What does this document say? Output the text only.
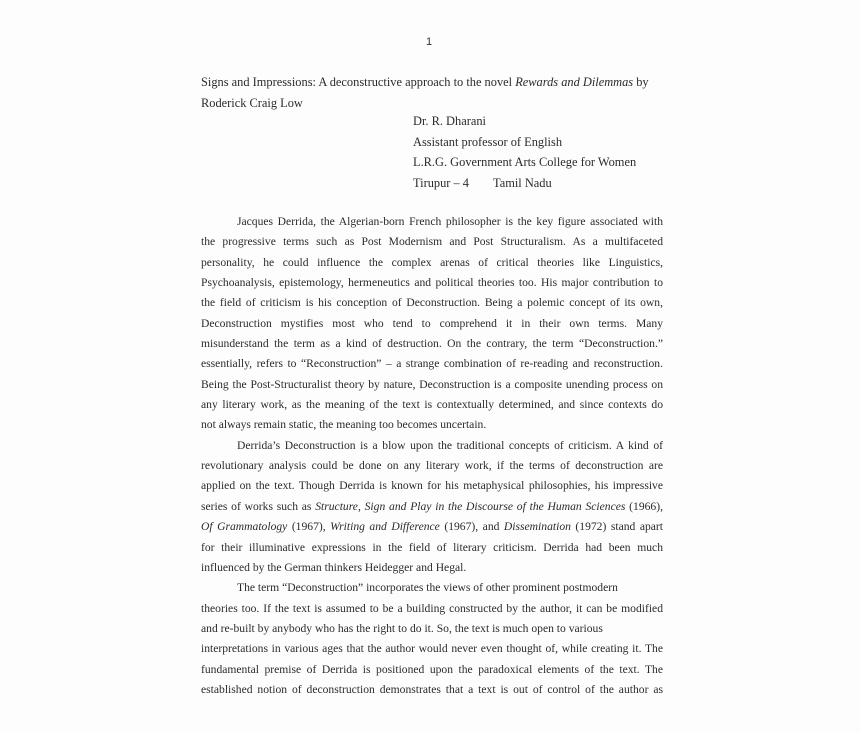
1
Signs and Impressions: A deconstructive approach to the novel Rewards and Dilemmas by
Roderick Craig Low
Dr. R. Dharani
Assistant professor of English
L.R.G. Government Arts College for Women
Tirupur – 4 Tamil Nadu
Jacques Derrida, the Algerian-born French philosopher is the key figure associated with
the progressive terms such as Post Modernism and Post Structuralism. As a multifaceted
personality, he could influence the complex arenas of critical theories like Linguistics,
Psychoanalysis, epistemology, hermeneutics and political theories too. His major contribution to
the field of criticism is his conception of Deconstruction. Being a polemic concept of its own,
Deconstruction mystifies most who tend to comprehend it in their own terms. Many
misunderstand the term as a kind of destruction. On the contrary, the term “Deconstruction.”
essentially, refers to “Reconstruction” – a strange combination of re-reading and reconstruction.
Being the Post-Structuralist theory by nature, Deconstruction is a composite unending process on
any literary work, as the meaning of the text is contextually determined, and since contexts do
not always remain static, the meaning too becomes uncertain.
Derrida’s Deconstruction is a blow upon the traditional concepts of criticism. A kind of
revolutionary analysis could be done on any literary work, if the terms of deconstruction are
applied on the text. Though Derrida is known for his metaphysical philosophies, his impressive
series of works such as Structure, Sign and Play in the Discourse of the Human Sciences (1966),
Of Grammatology (1967), Writing and Difference (1967), and Dissemination (1972) stand apart
for their illuminative expressions in the field of literary criticism. Derrida had been much
influenced by the German thinkers Heidegger and Hegal.
The term “Deconstruction” incorporates the views of other prominent postmodern
theories too. If the text is assumed to be a building constructed by the author, it can be modified
and re-built by anybody who has the right to do it. So, the text is much open to various
interpretations in various ages that the author would never even thought of, while creating it. The
fundamental premise of Derrida is positioned upon the paradoxical elements of the text. The
established notion of deconstruction demonstrates that a text is out of control of the author as
